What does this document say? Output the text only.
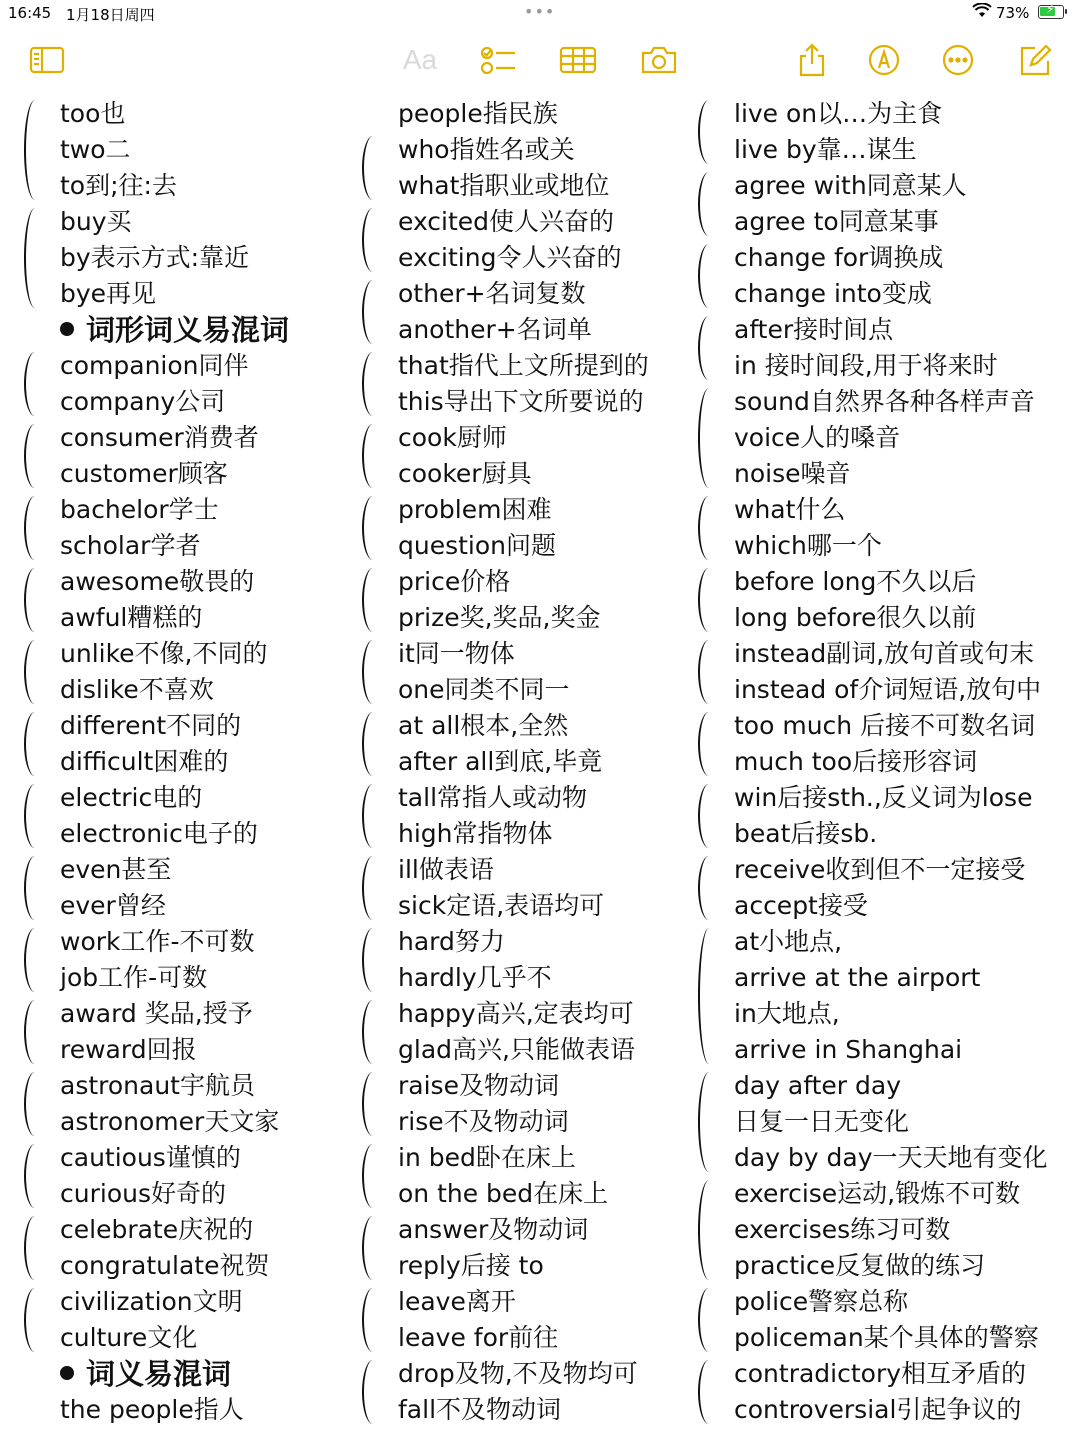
16:45 1月18日周四	•••	73% ⚡
Aa
too也
two二
to到;往:去
buy买
by表示方式:靠近
bye再见
词形词义易混词
companion同伴
company公司
consumer消费者
customer顾客
bachelor学士
scholar学者
awesome敬畏的
awful糟糕的
unlike不像,不同的
dislike不喜欢
different不同的
difficult困难的
electric电的
electronic电子的
even甚至
ever曾经
work工作-不可数
job工作-可数
award 奖品,授予
reward回报
astronaut宇航员
astronomer天文家
cautious谨慎的
curious好奇的
celebrate庆祝的
congratulate祝贺
civilization文明
culture文化
词义易混词
the people指人
people指民族
who指姓名或关
what指职业或地位
excited使人兴奋的
exciting令人兴奋的
other+名词复数
another+名词单
that指代上文所提到的
this导出下文所要说的
cook厨师
cooker厨具
problem困难
question问题
price价格
prize奖,奖品,奖金
it同一物体
one同类不同一
at all根本,全然
after all到底,毕竟
tall常指人或动物
high常指物体
ill做表语
sick定语,表语均可
hard努力
hardly几乎不
happy高兴,定表均可
glad高兴,只能做表语
raise及物动词
rise不及物动词
in bed卧在床上
on the bed在床上
answer及物动词
reply后接 to
leave离开
leave for前往
drop及物,不及物均可
fall不及物动词
live on以…为主食
live by靠…谋生
agree with同意某人
agree to同意某事
change for调换成
change into变成
after接时间点
in 接时间段,用于将来时
sound自然界各种各样声音
voice人的嗓音
noise噪音
what什么
which哪一个
before long不久以后
long before很久以前
instead副词,放句首或句末
instead of介词短语,放句中
too much 后接不可数名词
much too后接形容词
win后接sth.,反义词为lose
beat后接sb.
receive收到但不一定接受
accept接受
at小地点,
arrive at the airport
in大地点,
arrive in Shanghai
day after day
日复一日无变化
day by day一天天地有变化
exercise运动,锻炼不可数
exercises练习可数
practice反复做的练习
police警察总称
policeman某个具体的警察
contradictory相互矛盾的
controversial引起争议的
